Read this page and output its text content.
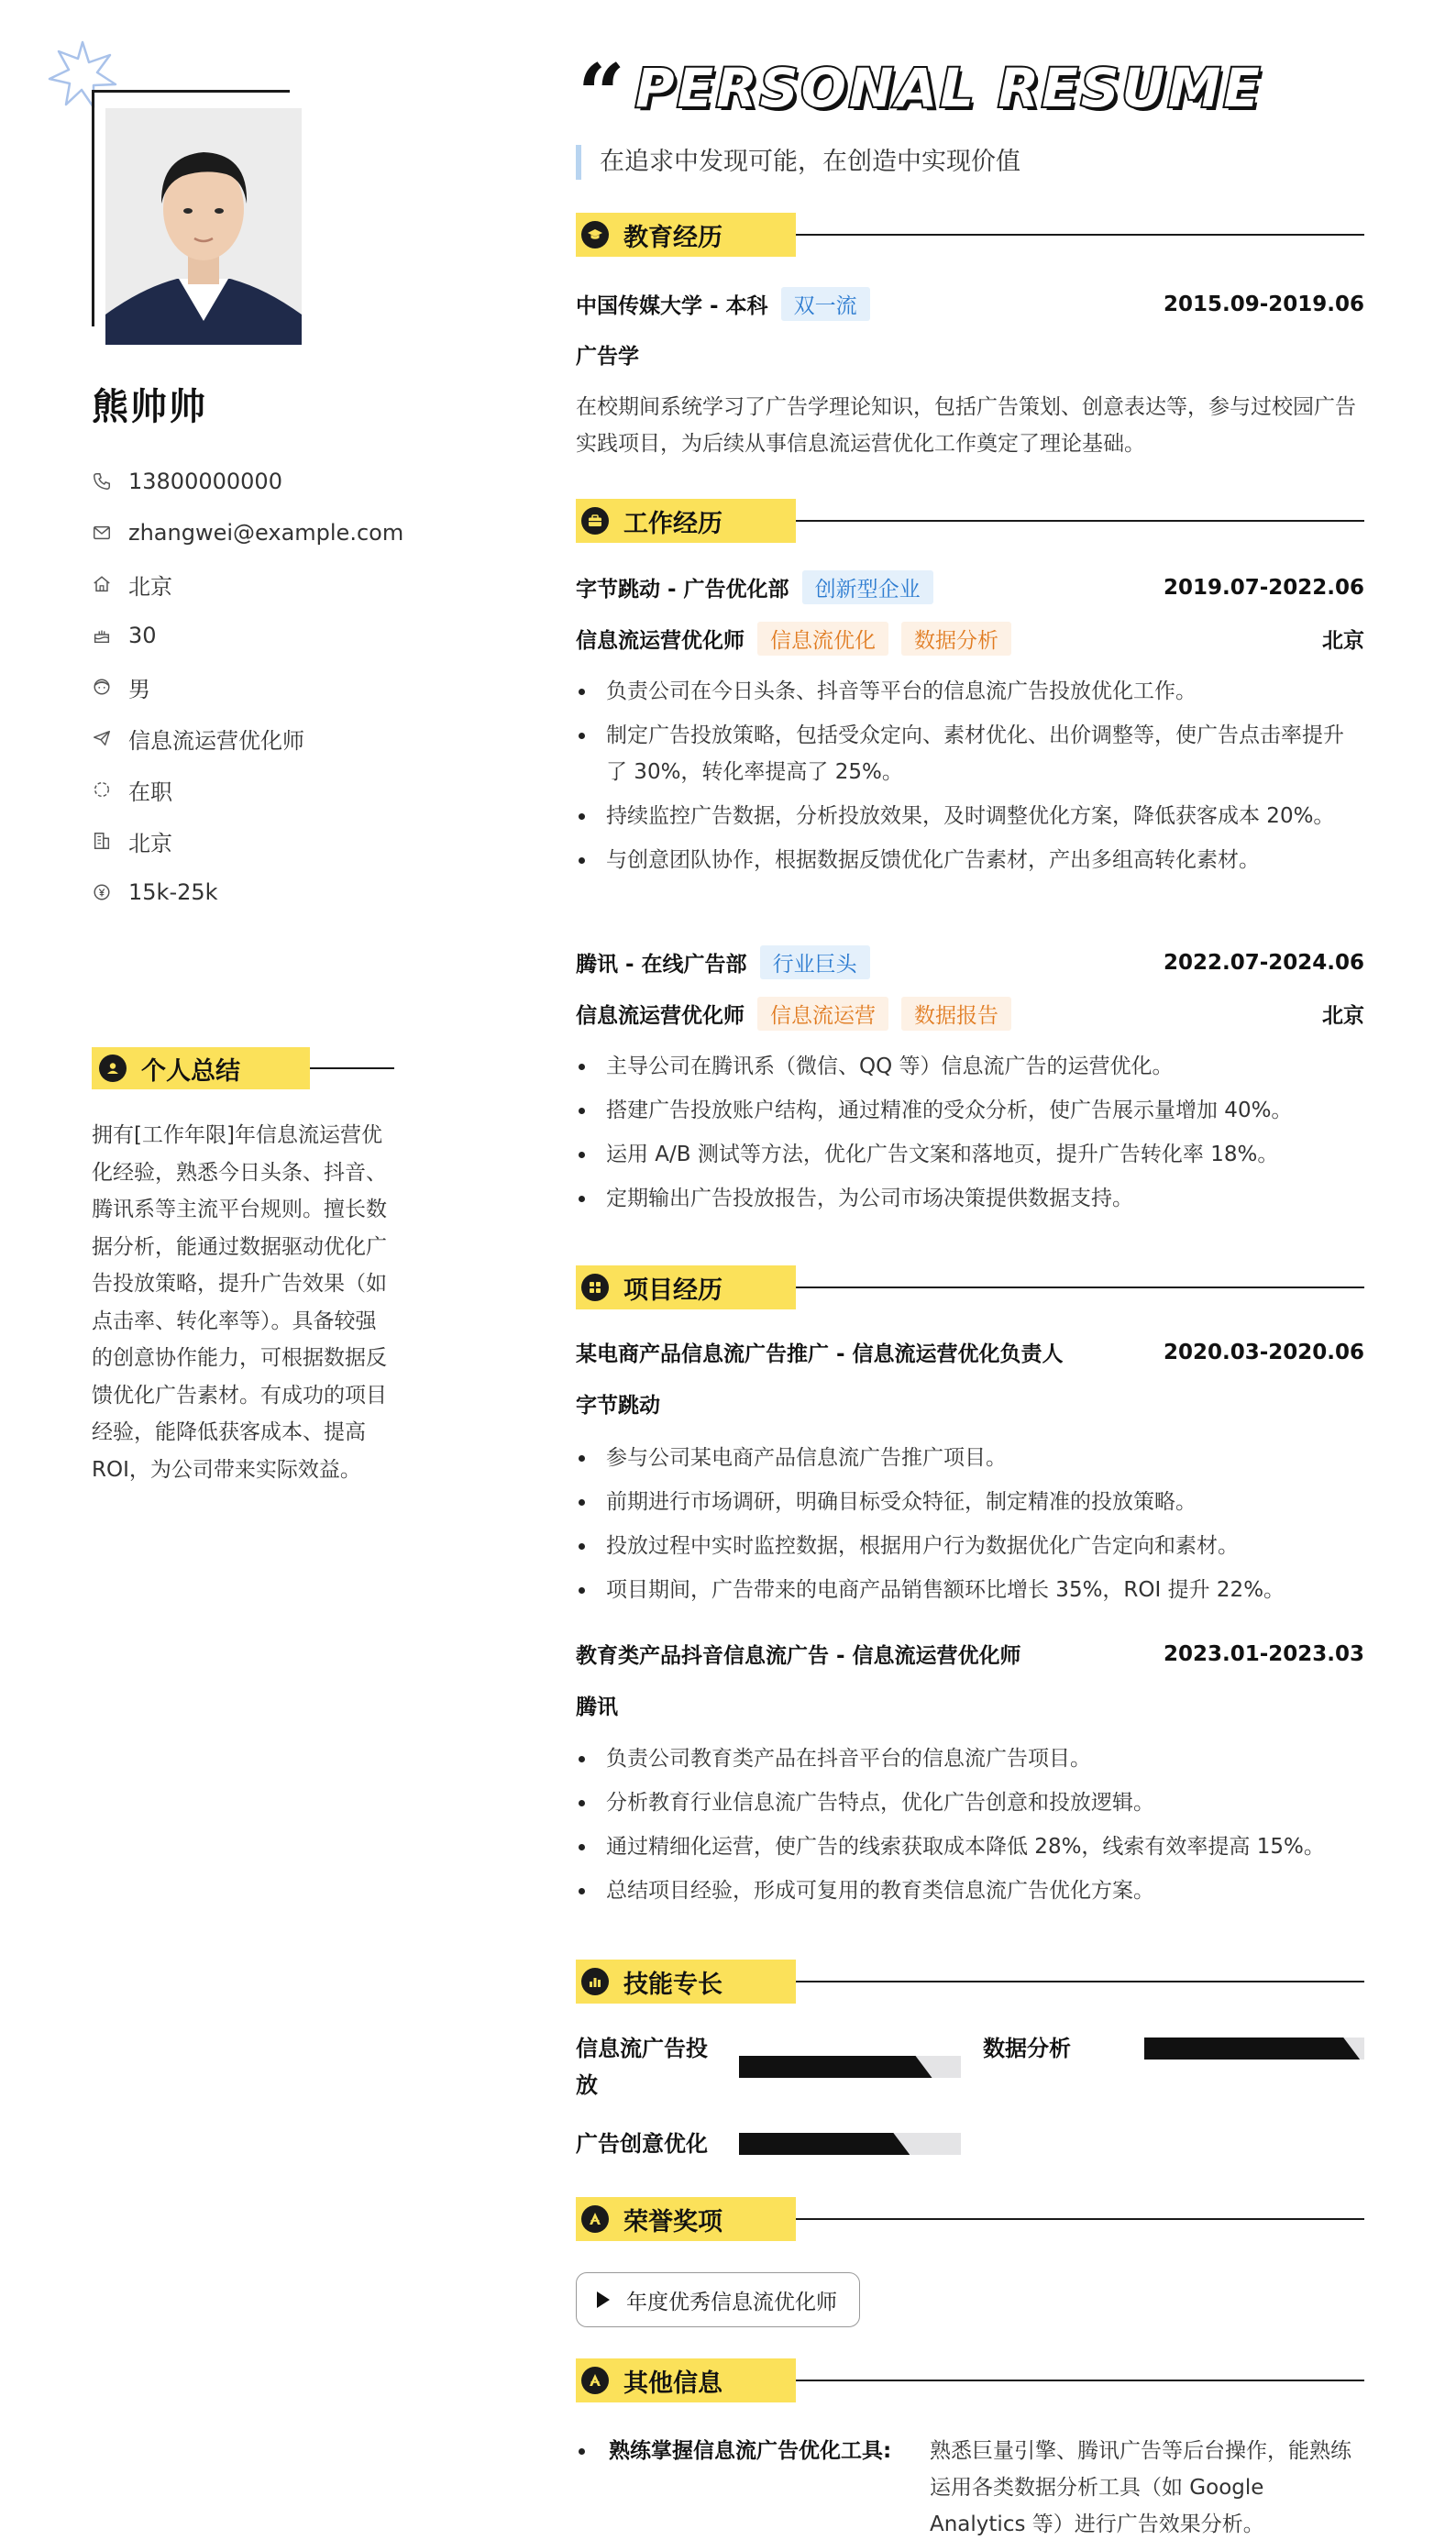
熊帅帅
13800000000
zhangwei@example.com
北京
30
男
信息流运营优化师
在职
北京
15k-25k
个人总结
拥有[工作年限]年信息流运营优化经验，熟悉今日头条、抖音、腾讯系等主流平台规则。擅长数据分析，能通过数据驱动优化广告投放策略，提升广告效果（如点击率、转化率等）。具备较强的创意协作能力，可根据数据反馈优化广告素材。有成功的项目经验，能降低获客成本、提高 ROI，为公司带来实际效益。
“ PERSONAL RESUME
在追求中发现可能，在创造中实现价值
教育经历
中国传媒大学 - 本科	双一流	2015.09-2019.06
广告学
在校期间系统学习了广告学理论知识，包括广告策划、创意表达等，参与过校园广告实践项目，为后续从事信息流运营优化工作奠定了理论基础。
工作经历
字节跳动 - 广告优化部	创新型企业	2019.07-2022.06
信息流运营优化师	信息流优化	数据分析	北京
负责公司在今日头条、抖音等平台的信息流广告投放优化工作。
制定广告投放策略，包括受众定向、素材优化、出价调整等，使广告点击率提升了 30%，转化率提高了 25%。
持续监控广告数据，分析投放效果，及时调整优化方案，降低获客成本 20%。
与创意团队协作，根据数据反馈优化广告素材，产出多组高转化素材。
腾讯 - 在线广告部	行业巨头	2022.07-2024.06
信息流运营优化师	信息流运营	数据报告	北京
主导公司在腾讯系（微信、QQ 等）信息流广告的运营优化。
搭建广告投放账户结构，通过精准的受众分析，使广告展示量增加 40%。
运用 A/B 测试等方法，优化广告文案和落地页，提升广告转化率 18%。
定期输出广告投放报告，为公司市场决策提供数据支持。
项目经历
某电商产品信息流广告推广 - 信息流运营优化负责人	2020.03-2020.06
字节跳动
参与公司某电商产品信息流广告推广项目。
前期进行市场调研，明确目标受众特征，制定精准的投放策略。
投放过程中实时监控数据，根据用户行为数据优化广告定向和素材。
项目期间，广告带来的电商产品销售额环比增长 35%，ROI 提升 22%。
教育类产品抖音信息流广告 - 信息流运营优化师	2023.01-2023.03
腾讯
负责公司教育类产品在抖音平台的信息流广告项目。
分析教育行业信息流广告特点，优化广告创意和投放逻辑。
通过精细化运营，使广告的线索获取成本降低 28%，线索有效率提高 15%。
总结项目经验，形成可复用的教育类信息流广告优化方案。
技能专长
信息流广告投放
数据分析
广告创意优化
荣誉奖项
年度优秀信息流优化师
其他信息
熟练掌握信息流广告优化工具:	熟悉巨量引擎、腾讯广告等后台操作，能熟练运用各类数据分析工具（如 Google Analytics 等）进行广告效果分析。
